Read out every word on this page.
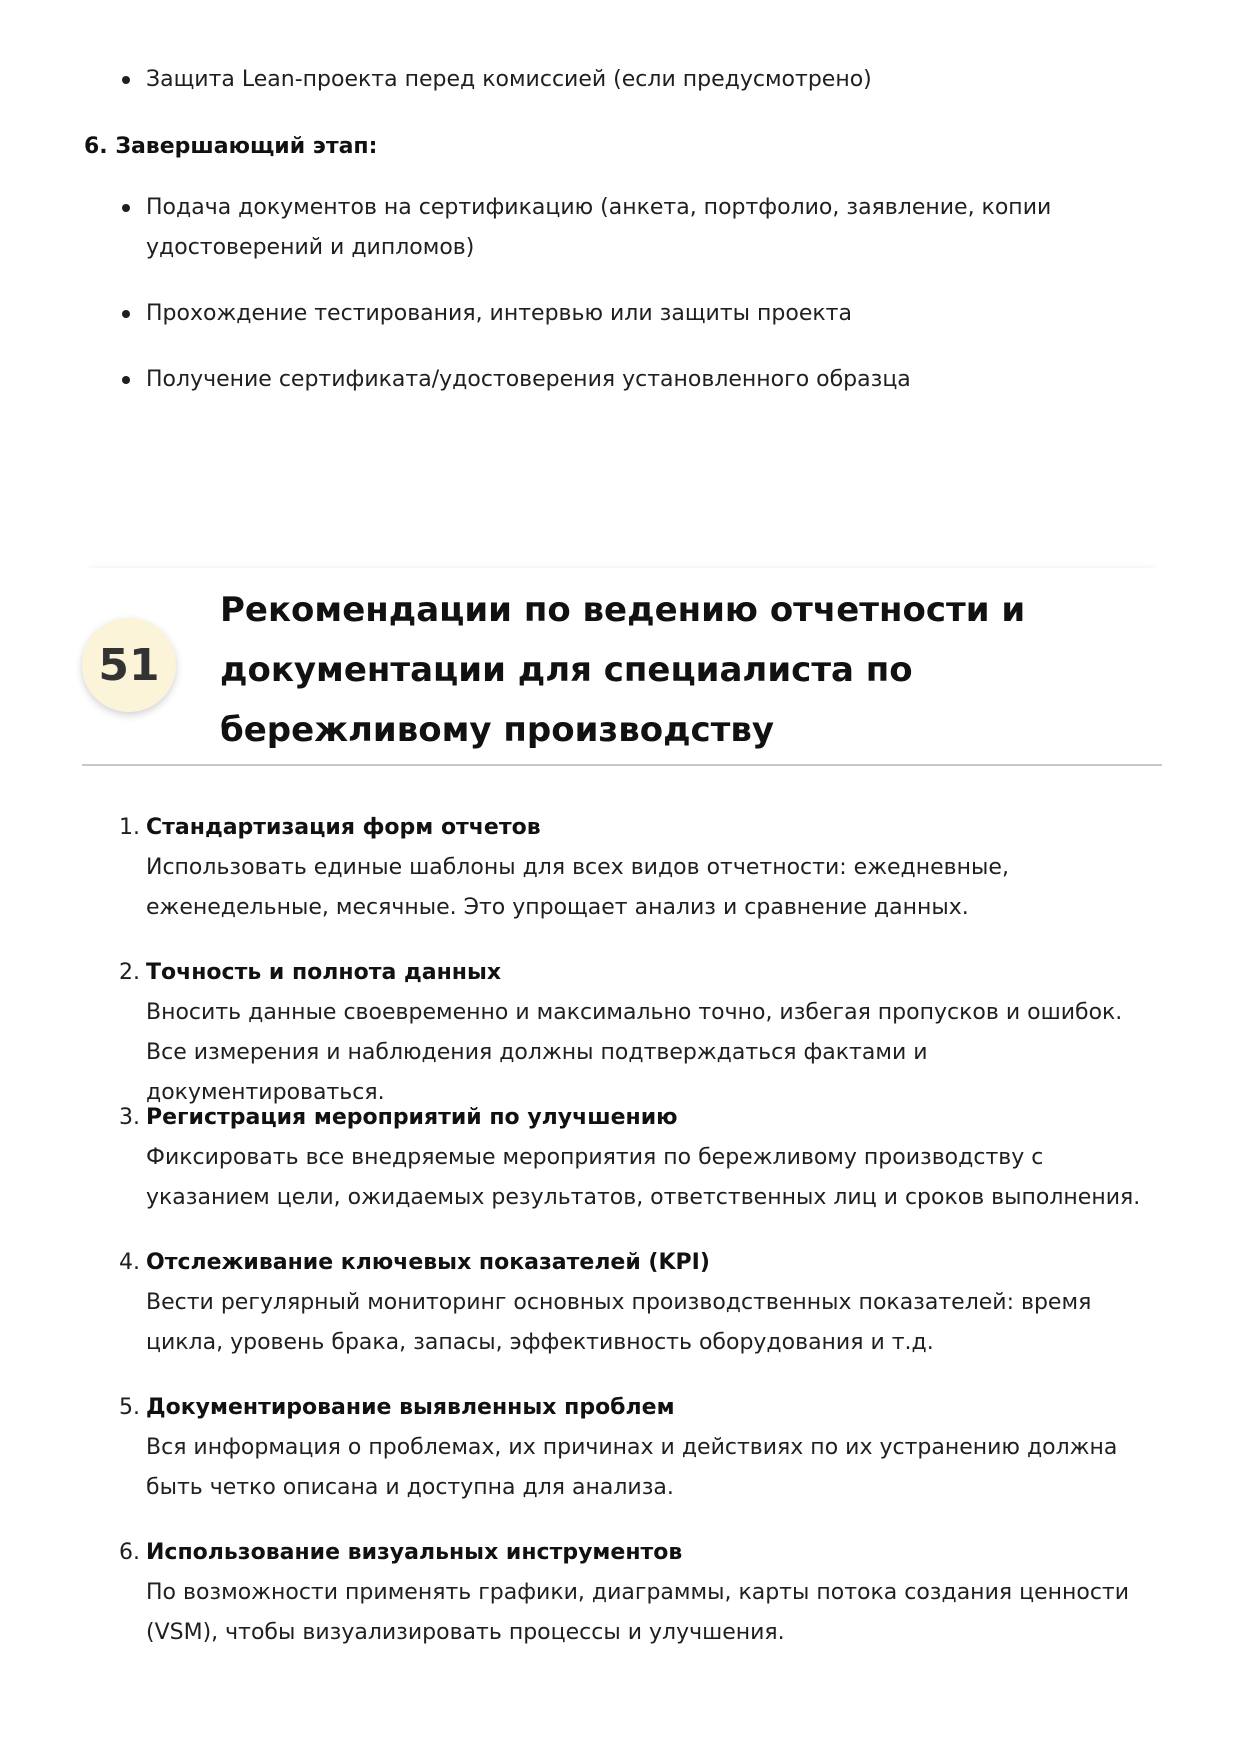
Защита Lean-проекта перед комиссией (если предусмотрено)
6. Завершающий этап:
Подача документов на сертификацию (анкета, портфолио, заявление, копии удостоверений и дипломов)
Прохождение тестирования, интервью или защиты проекта
Получение сертификата/удостоверения установленного образца
51
Рекомендации по ведению отчетности и документации для специалиста по бережливому производству
1. Стандартизация форм отчетов
Использовать единые шаблоны для всех видов отчетности: ежедневные, еженедельные, месячные. Это упрощает анализ и сравнение данных.
2. Точность и полнота данных
Вносить данные своевременно и максимально точно, избегая пропусков и ошибок. Все измерения и наблюдения должны подтверждаться фактами и документироваться.
3. Регистрация мероприятий по улучшению
Фиксировать все внедряемые мероприятия по бережливому производству с указанием цели, ожидаемых результатов, ответственных лиц и сроков выполнения.
4. Отслеживание ключевых показателей (KPI)
Вести регулярный мониторинг основных производственных показателей: время цикла, уровень брака, запасы, эффективность оборудования и т.д.
5. Документирование выявленных проблем
Вся информация о проблемах, их причинах и действиях по их устранению должна быть четко описана и доступна для анализа.
6. Использование визуальных инструментов
По возможности применять графики, диаграммы, карты потока создания ценности (VSM), чтобы визуализировать процессы и улучшения.
